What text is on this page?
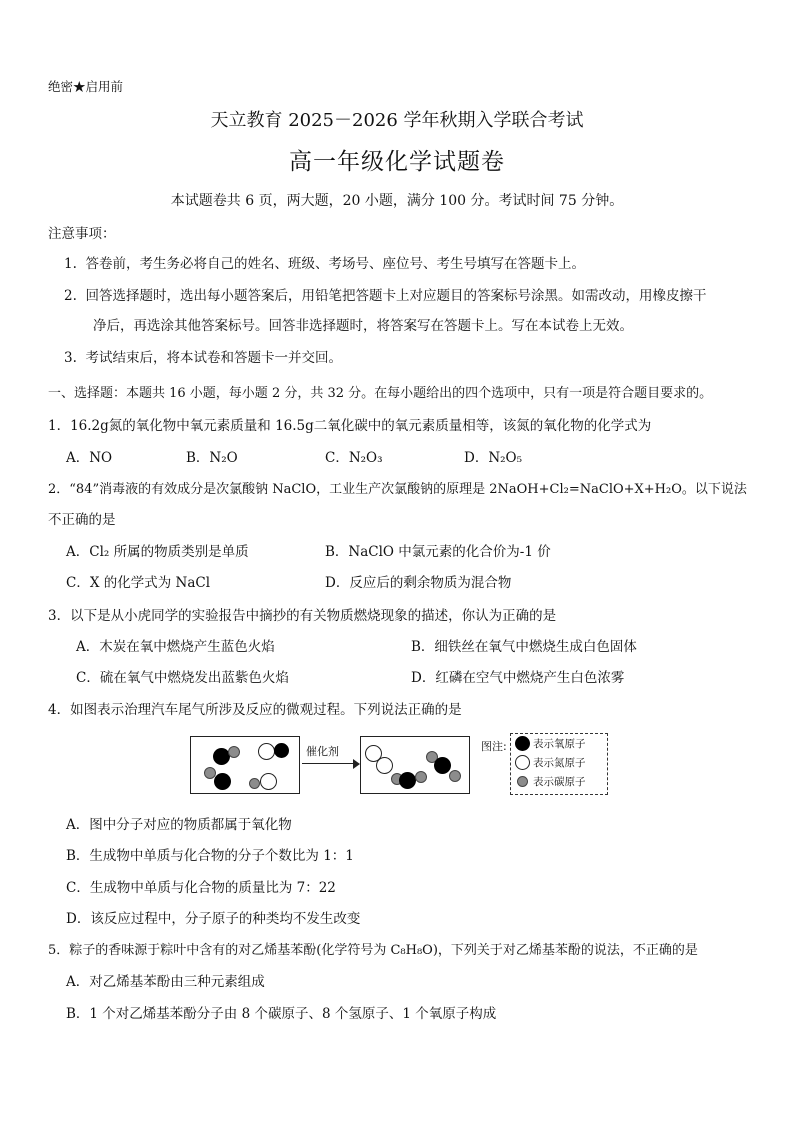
绝密★启用前
天立教育 2025－2026 学年秋期入学联合考试
高一年级化学试题卷
本试题卷共 6 页，两大题，20 小题，满分 100 分。考试时间 75 分钟。
注意事项：
1. 答卷前，考生务必将自己的姓名、班级、考场号、座位号、考生号填写在答题卡上。
2. 回答选择题时，选出每小题答案后，用铅笔把答题卡上对应题目的答案标号涂黑。如需改动，用橡皮擦干
净后，再选涂其他答案标号。回答非选择题时，将答案写在答题卡上。写在本试卷上无效。
3. 考试结束后，将本试卷和答题卡一并交回。
一、选择题：本题共 16 小题，每小题 2 分，共 32 分。在每小题给出的四个选项中，只有一项是符合题目要求的。
1．16.2g氮的氧化物中氧元素质量和 16.5g二氧化碳中的氧元素质量相等，该氮的氧化物的化学式为
A．NO	B．N₂O	C．N₂O₃	D．N₂O₅
2．“84”消毒液的有效成分是次氯酸钠 NaClO，工业生产次氯酸钠的原理是 2NaOH+Cl₂=NaClO+X+H₂O。以下说法
不正确的是
A．Cl₂ 所属的物质类别是单质	B．NaClO 中氯元素的化合价为-1 价
C．X 的化学式为 NaCl	D．反应后的剩余物质为混合物
3．以下是从小虎同学的实验报告中摘抄的有关物质燃烧现象的描述，你认为正确的是
A．木炭在氧中燃烧产生蓝色火焰	B．细铁丝在氧气中燃烧生成白色固体
C．硫在氧气中燃烧发出蓝紫色火焰	D．红磷在空气中燃烧产生白色浓雾
4．如图表示治理汽车尾气所涉及反应的微观过程。下列说法正确的是
催化剂	图注:	表示氧原子
表示氮原子
表示碳原子
A．图中分子对应的物质都属于氧化物
B．生成物中单质与化合物的分子个数比为 1：1
C．生成物中单质与化合物的质量比为 7：22
D．该反应过程中，分子原子的种类均不发生改变
5．粽子的香味源于粽叶中含有的对乙烯基苯酚(化学符号为 C₈H₈O)，下列关于对乙烯基苯酚的说法，不正确的是
A．对乙烯基苯酚由三种元素组成
B．1 个对乙烯基苯酚分子由 8 个碳原子、8 个氢原子、1 个氧原子构成
